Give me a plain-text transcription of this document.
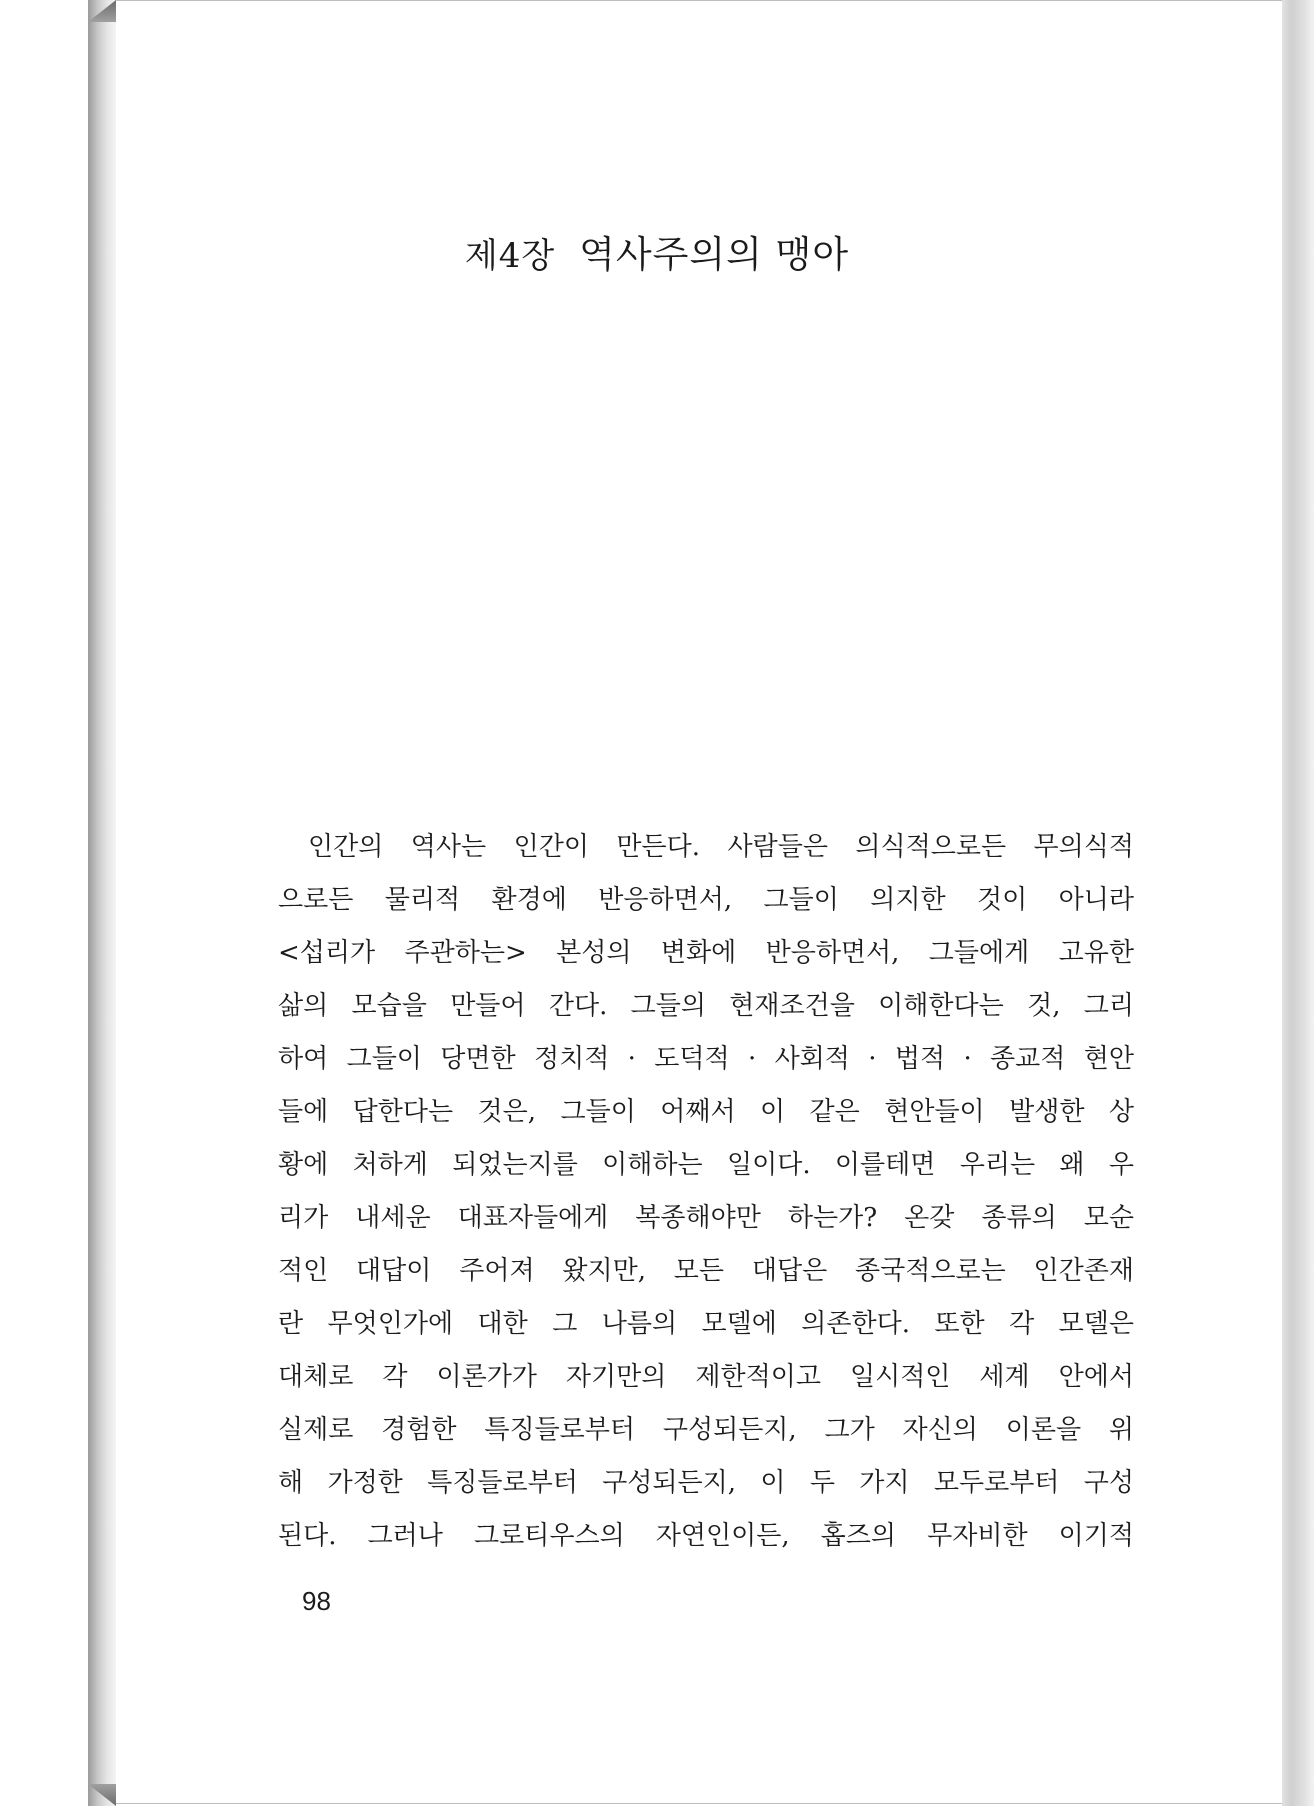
제4장 역사주의의 맹아
인간의 역사는 인간이 만든다. 사람들은 의식적으로든 무의식적
으로든 물리적 환경에 반응하면서, 그들이 의지한 것이 아니라
<섭리가 주관하는> 본성의 변화에 반응하면서, 그들에게 고유한
삶의 모습을 만들어 간다. 그들의 현재조건을 이해한다는 것, 그리
하여 그들이 당면한 정치적 · 도덕적 · 사회적 · 법적 · 종교적 현안
들에 답한다는 것은, 그들이 어째서 이 같은 현안들이 발생한 상
황에 처하게 되었는지를 이해하는 일이다. 이를테면 우리는 왜 우
리가 내세운 대표자들에게 복종해야만 하는가? 온갖 종류의 모순
적인 대답이 주어져 왔지만, 모든 대답은 종국적으로는 인간존재
란 무엇인가에 대한 그 나름의 모델에 의존한다. 또한 각 모델은
대체로 각 이론가가 자기만의 제한적이고 일시적인 세계 안에서
실제로 경험한 특징들로부터 구성되든지, 그가 자신의 이론을 위
해 가정한 특징들로부터 구성되든지, 이 두 가지 모두로부터 구성
된다. 그러나 그로티우스의 자연인이든, 홉즈의 무자비한 이기적

98
